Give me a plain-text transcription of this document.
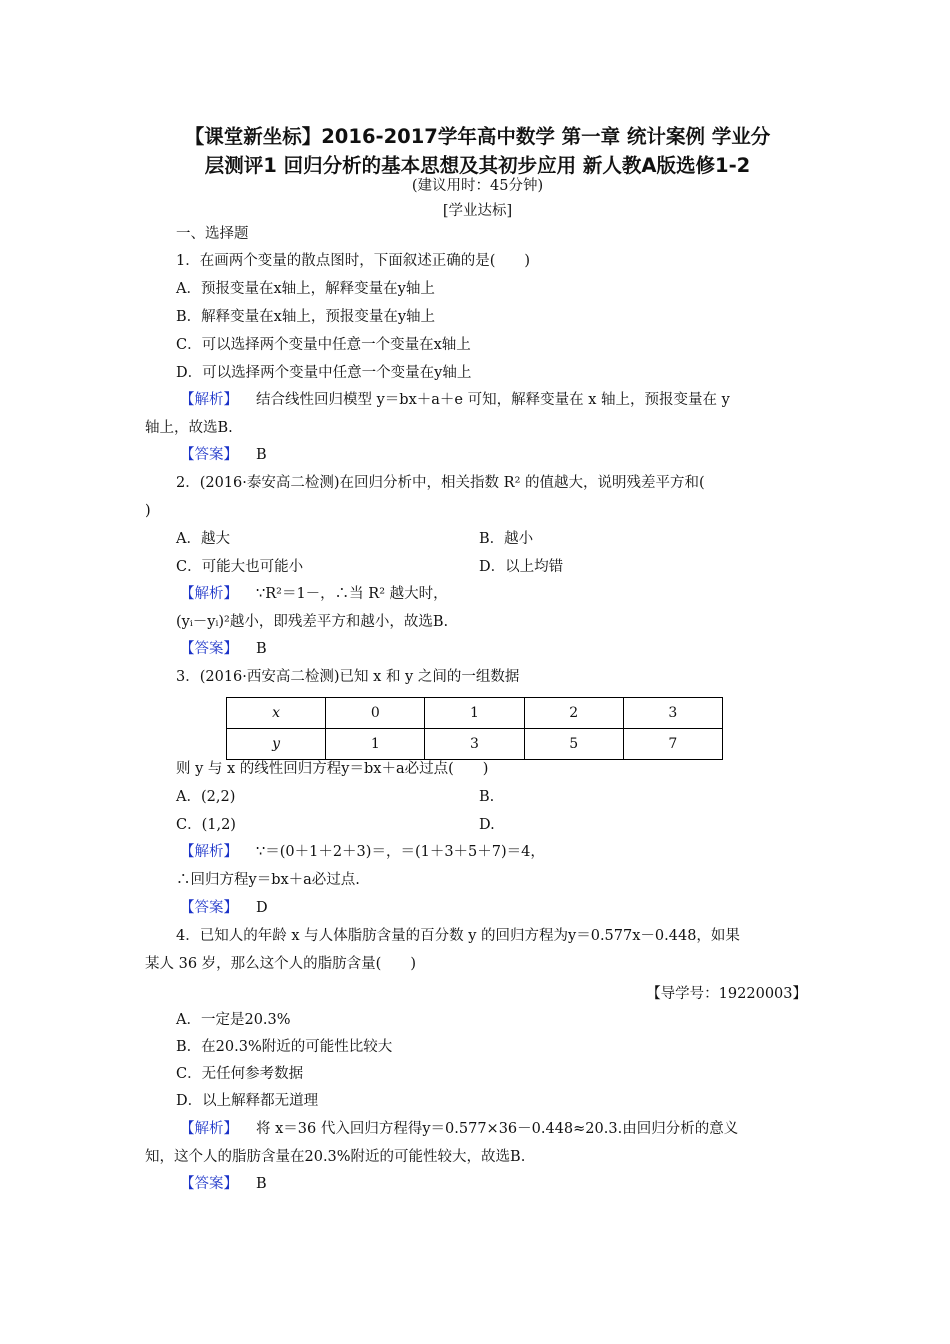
【课堂新坐标】2016-2017学年高中数学 第一章 统计案例 学业分
层测评1 回归分析的基本思想及其初步应用 新人教A版选修1-2
(建议用时：45分钟)
[学业达标]
一、选择题
1．在画两个变量的散点图时，下面叙述正确的是(　　)
A．预报变量在x轴上，解释变量在y轴上
B．解释变量在x轴上，预报变量在y轴上
C．可以选择两个变量中任意一个变量在x轴上
D．可以选择两个变量中任意一个变量在y轴上
【解析】 结合线性回归模型 y＝bx＋a＋e 可知，解释变量在 x 轴上，预报变量在 y
轴上，故选B.
【答案】 B
2．(2016·泰安高二检测)在回归分析中，相关指数 R² 的值越大，说明残差平方和(
)
A．越大	B．越小
C．可能大也可能小	D．以上均错
【解析】 ∵R²＝1－，∴当 R² 越大时，
(yᵢ－yᵢ)²越小，即残差平方和越小，故选B.
【答案】 B
3．(2016·西安高二检测)已知 x 和 y 之间的一组数据
x	0	1	2	3
y	1	3	5	7
则 y 与 x 的线性回归方程y＝bx＋a必过点(　　)
A．(2,2)	B.
C．(1,2)	D.
【解析】 ∵＝(0＋1＋2＋3)＝，＝(1＋3＋5＋7)＝4，
∴回归方程y＝bx＋a必过点.
【答案】 D
4．已知人的年龄 x 与人体脂肪含量的百分数 y 的回归方程为y＝0.577x－0.448，如果
某人 36 岁，那么这个人的脂肪含量(　　)
【导学号：19220003】
A．一定是20.3%
B．在20.3%附近的可能性比较大
C．无任何参考数据
D．以上解释都无道理
【解析】 将 x＝36 代入回归方程得y＝0.577×36－0.448≈20.3.由回归分析的意义
知，这个人的脂肪含量在20.3%附近的可能性较大，故选B.
【答案】 B
